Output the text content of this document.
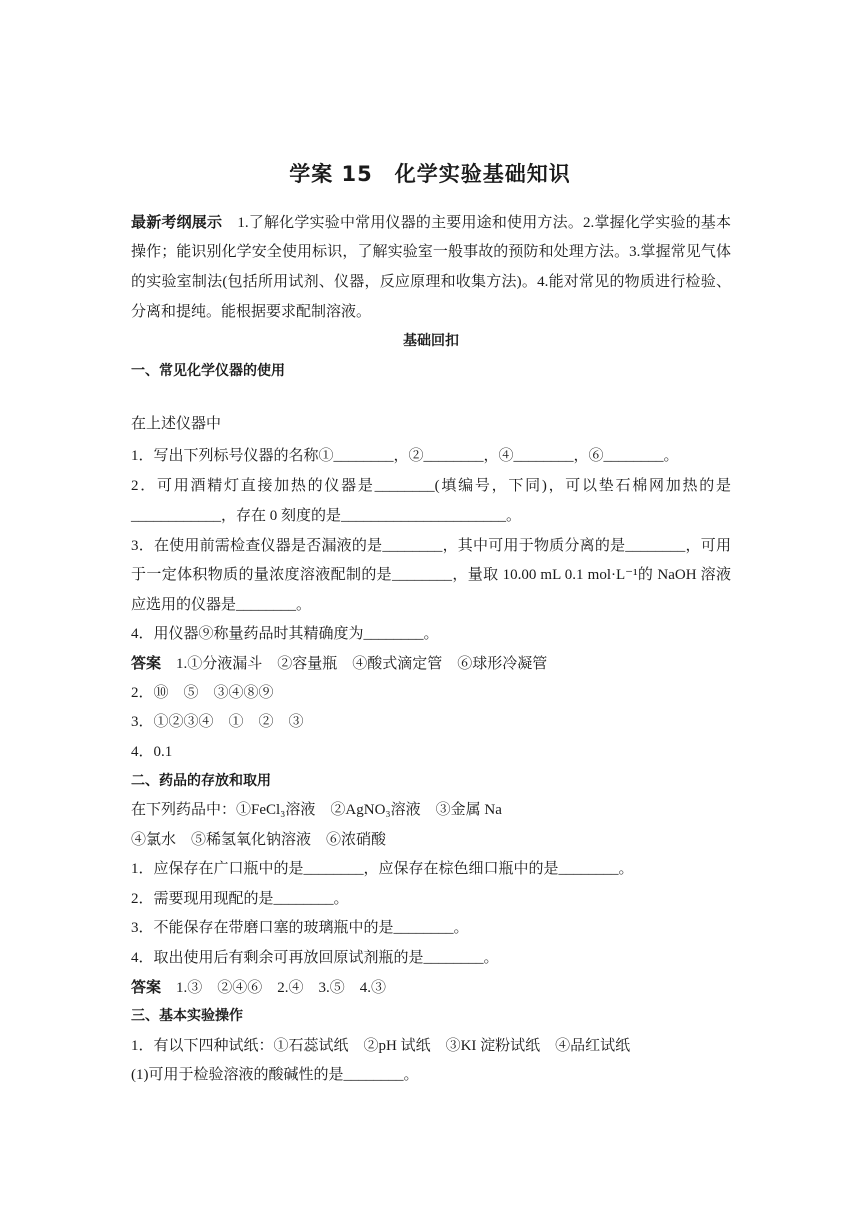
学案 15　化学实验基础知识
最新考纲展示　1.了解化学实验中常用仪器的主要用途和使用方法。2.掌握化学实验的基本
操作；能识别化学安全使用标识，了解实验室一般事故的预防和处理方法。3.掌握常见气体
的实验室制法(包括所用试剂、仪器，反应原理和收集方法)。4.能对常见的物质进行检验、
分离和提纯。能根据要求配制溶液。
基础回扣
一、常见化学仪器的使用
在上述仪器中
1．写出下列标号仪器的名称①________，②________，④________，⑥________。
2．可用酒精灯直接加热的仪器是________(填编号，下同)，可以垫石棉网加热的是
____________，存在 0 刻度的是______________________。
3．在使用前需检查仪器是否漏液的是________，其中可用于物质分离的是________，可用
于一定体积物质的量浓度溶液配制的是________，量取 10.00 mL 0.1 mol·L⁻¹的 NaOH 溶液
应选用的仪器是________。
4．用仪器⑨称量药品时其精确度为________。
答案　1.①分液漏斗　②容量瓶　④酸式滴定管　⑥球形冷凝管
2．⑩　⑤　③④⑧⑨
3．①②③④　①　②　③
4．0.1
二、药品的存放和取用
在下列药品中：①FeCl₃溶液　②AgNO₃溶液　③金属 Na
④氯水　⑤稀氢氧化钠溶液　⑥浓硝酸
1．应保存在广口瓶中的是________，应保存在棕色细口瓶中的是________。
2．需要现用现配的是________。
3．不能保存在带磨口塞的玻璃瓶中的是________。
4．取出使用后有剩余可再放回原试剂瓶的是________。
答案　1.③　②④⑥　2.④　3.⑤　4.③
三、基本实验操作
1．有以下四种试纸：①石蕊试纸　②pH 试纸　③KI 淀粉试纸　④品红试纸
(1)可用于检验溶液的酸碱性的是________。
